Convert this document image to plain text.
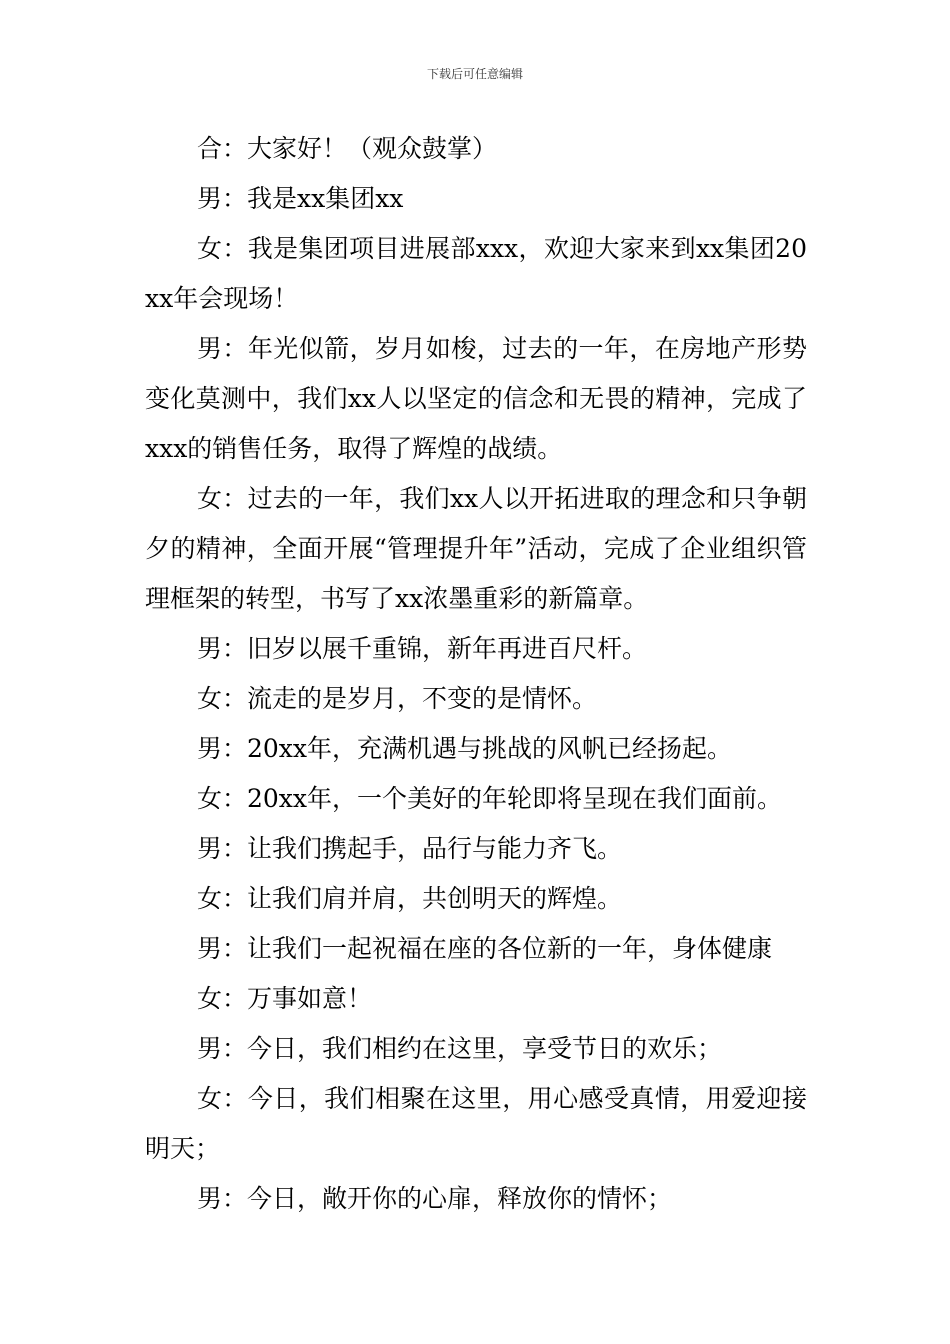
下载后可任意编辑

合：大家好！（观众鼓掌）

男：我是xx集团xx

女：我是集团项目进展部xxx，欢迎大家来到xx集团20xx年会现场！

男：年光似箭，岁月如梭，过去的一年，在房地产形势变化莫测中，我们xx人以坚定的信念和无畏的精神，完成了xxx的销售任务，取得了辉煌的战绩。

女：过去的一年，我们xx人以开拓进取的理念和只争朝夕的精神，全面开展“管理提升年”活动，完成了企业组织管理框架的转型，书写了xx浓墨重彩的新篇章。

男：旧岁以展千重锦，新年再进百尺杆。

女：流走的是岁月，不变的是情怀。

男：20xx年，充满机遇与挑战的风帆已经扬起。

女：20xx年，一个美好的年轮即将呈现在我们面前。

男：让我们携起手，品行与能力齐飞。

女：让我们肩并肩，共创明天的辉煌。

男：让我们一起祝福在座的各位新的一年，身体健康

女：万事如意！

男：今日，我们相约在这里，享受节日的欢乐；

女：今日，我们相聚在这里，用心感受真情，用爱迎接明天；

男：今日，敞开你的心扉，释放你的情怀；
